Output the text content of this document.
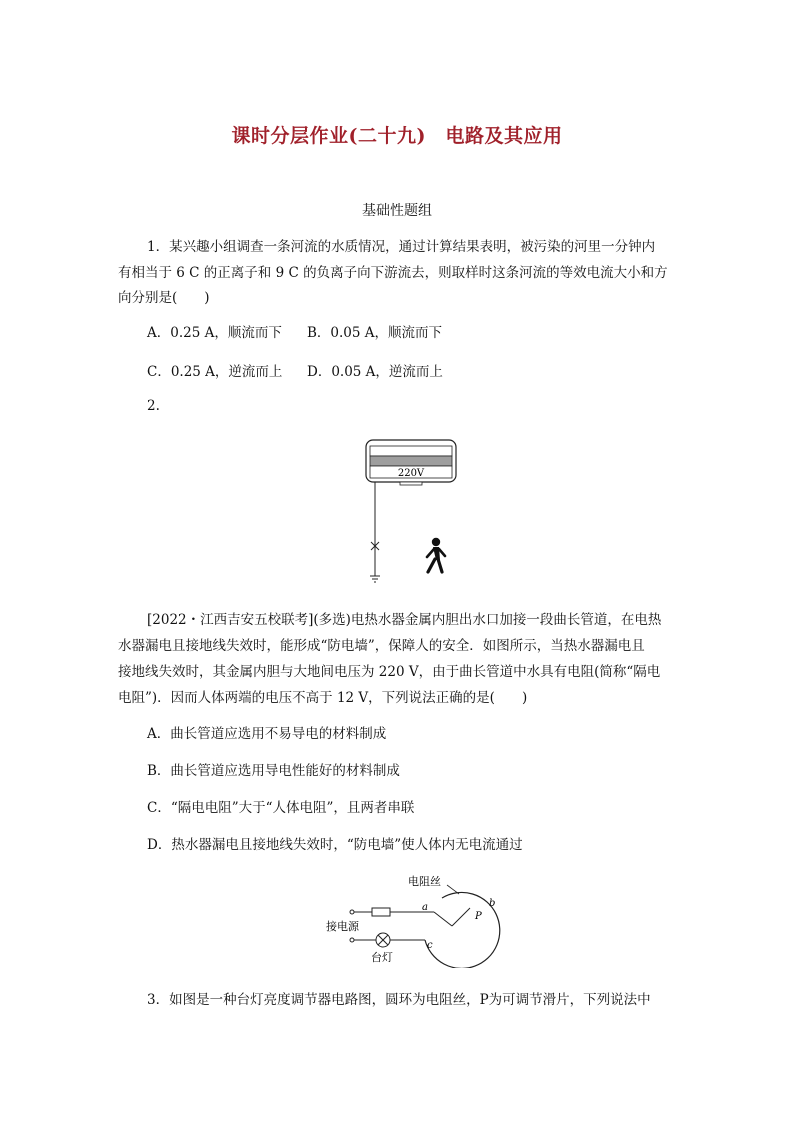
课时分层作业(二十九)　电路及其应用
基础性题组
1．某兴趣小组调查一条河流的水质情况，通过计算结果表明，被污染的河里一分钟内
有相当于 6 C 的正离子和 9 C 的负离子向下游流去，则取样时这条河流的等效电流大小和方
向分别是(　　)
A．0.25 A，顺流而下 B．0.05 A，顺流而下
C．0.25 A，逆流而上 D．0.05 A，逆流而上
2.
220V
[2022・江西吉安五校联考](多选)电热水器金属内胆出水口加接一段曲长管道，在电热
水器漏电且接地线失效时，能形成“防电墙”，保障人的安全．如图所示，当热水器漏电且
接地线失效时，其金属内胆与大地间电压为 220 V，由于曲长管道中水具有电阻(简称“隔电
电阻”)．因而人体两端的电压不高于 12 V，下列说法正确的是(　　)
A．曲长管道应选用不易导电的材料制成
B．曲长管道应选用导电性能好的材料制成
C．“隔电电阻”大于“人体电阻”，且两者串联
D．热水器漏电且接地线失效时，“防电墙”使人体内无电流通过
电阻丝
a	b
c
P
接电源
台灯
3．如图是一种台灯亮度调节器电路图，圆环为电阻丝，P为可调节滑片，下列说法中
